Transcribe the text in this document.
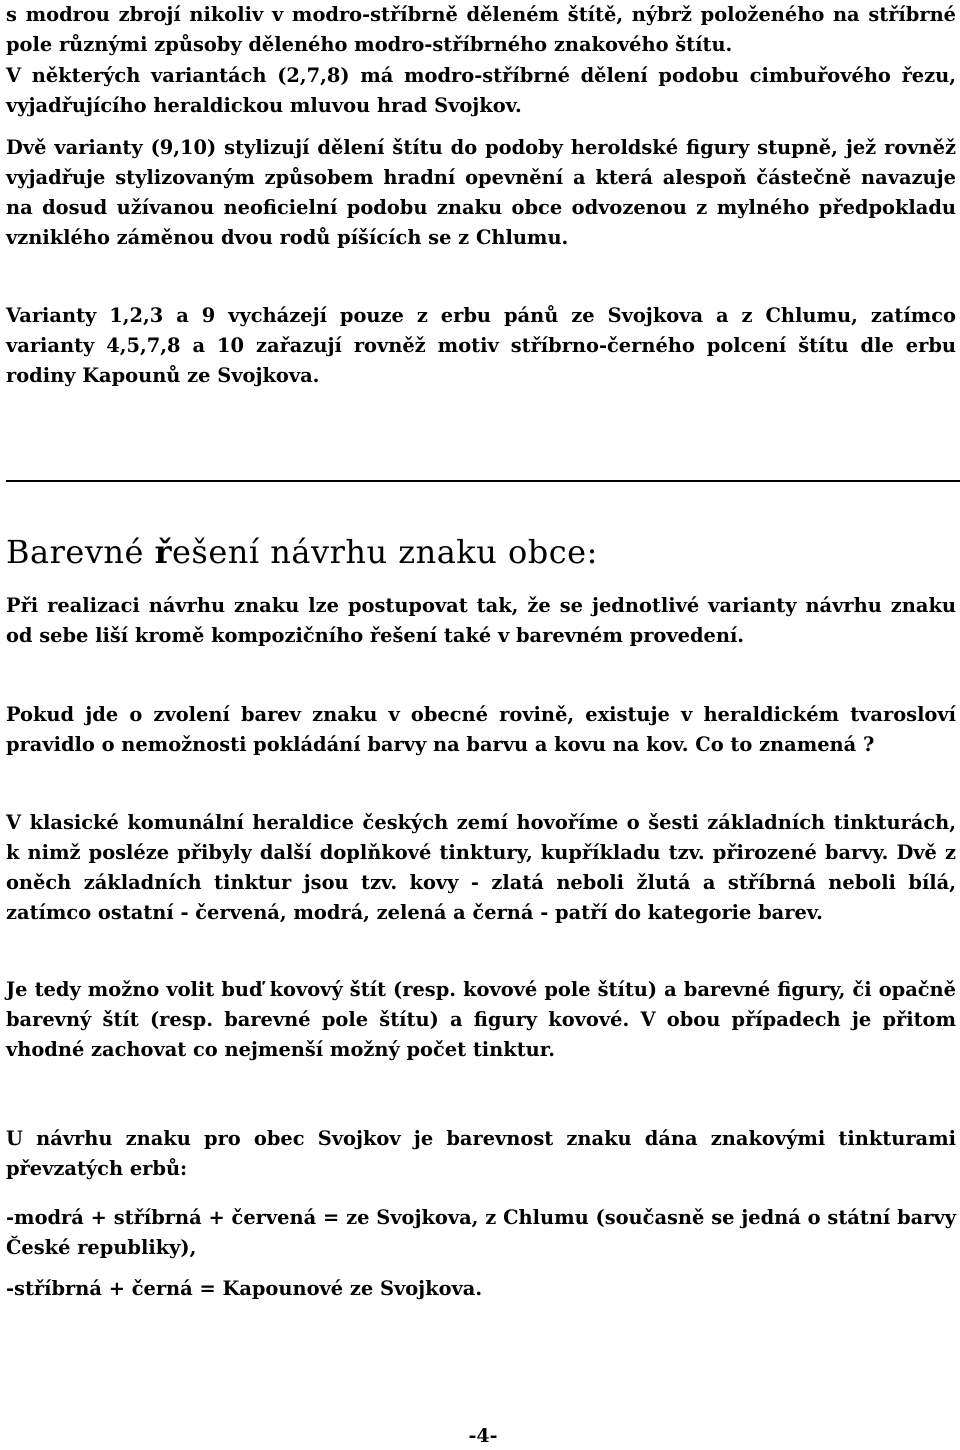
s modrou zbrojí nikoliv v modro-stříbrně děleném štítě, nýbrž položeného na stříbrné pole různými způsoby děleného modro-stříbrného znakového štítu.

V některých variantách (2,7,8) má modro-stříbrné dělení podobu cimbuřového řezu, vyjadřujícího heraldickou mluvou hrad Svojkov.

Dvě varianty (9,10) stylizují dělení štítu do podoby heroldské figury stupně, jež rovněž vyjadřuje stylizovaným způsobem hradní opevnění a která alespoň částečně navazuje na dosud užívanou neoficielní podobu znaku obce odvozenou z mylného předpokladu vzniklého záměnou dvou rodů píšících se z Chlumu.

Varianty 1,2,3 a 9 vycházejí pouze z erbu pánů ze Svojkova a z Chlumu, zatímco varianty 4,5,7,8 a 10 zařazují rovněž motiv stříbrno-černého polcení štítu dle erbu rodiny Kapounů ze Svojkova.

Barevné řešení návrhu znaku obce:

Při realizaci návrhu znaku lze postupovat tak, že se jednotlivé varianty návrhu znaku od sebe liší kromě kompozičního řešení také v barevném provedení.

Pokud jde o zvolení barev znaku v obecné rovině, existuje v heraldickém tvarosloví pravidlo o nemožnosti pokládání barvy na barvu a kovu na kov. Co to znamená ?

V klasické komunální heraldice českých zemí hovoříme o šesti základních tinkturách, k nimž posléze přibyly další doplňkové tinktury, kupříkladu tzv. přirozené barvy. Dvě z oněch základních tinktur jsou tzv. kovy - zlatá neboli žlutá a stříbrná neboli bílá, zatímco ostatní - červená, modrá, zelená a černá - patří do kategorie barev.

Je tedy možno volit buď kovový štít (resp. kovové pole štítu) a barevné figury, či opačně barevný štít (resp. barevné pole štítu) a figury kovové. V obou případech je přitom vhodné zachovat co nejmenší možný počet tinktur.

U návrhu znaku pro obec Svojkov je barevnost znaku dána znakovými tinkturami převzatých erbů:

-modrá + stříbrná + červená = ze Svojkova, z Chlumu (současně se jedná o státní barvy České republiky),

-stříbrná + černá = Kapounové ze Svojkova.

-4-
